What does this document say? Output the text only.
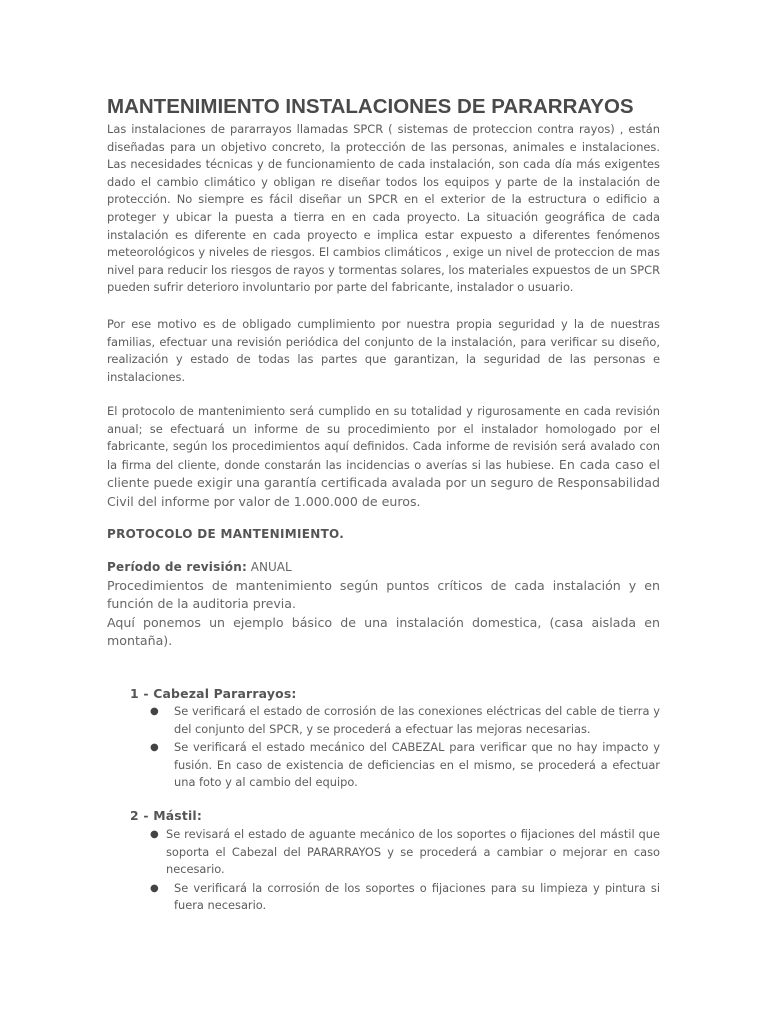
MANTENIMIENTO INSTALACIONES DE PARARRAYOS

Las instalaciones de pararrayos llamadas SPCR ( sistemas de proteccion contra rayos) , están diseñadas para un objetivo concreto, la protección de las personas, animales e instalaciones. Las necesidades técnicas y de funcionamiento de cada instalación, son cada día más exigentes dado el cambio climático y obligan re diseñar todos los equipos y parte de la instalación de protección. No siempre es fácil diseñar un SPCR en el exterior de la estructura o edificio a proteger y ubicar la puesta a tierra en en cada proyecto. La situación geográfica de cada instalación es diferente en cada proyecto e implica estar expuesto a diferentes fenómenos meteorológicos y niveles de riesgos. El cambios climáticos , exige un nivel de proteccion de mas nivel para reducir los riesgos de rayos y tormentas solares, los materiales expuestos de un SPCR pueden sufrir deterioro involuntario por parte del fabricante, instalador o usuario.

Por ese motivo es de obligado cumplimiento por nuestra propia seguridad y la de nuestras familias, efectuar una revisión periódica del conjunto de la instalación, para verificar su diseño, realización y estado de todas las partes que garantizan, la seguridad de las personas e instalaciones.

El protocolo de mantenimiento será cumplido en su totalidad y rigurosamente en cada revisión anual; se efectuará un informe de su procedimiento por el instalador homologado por el fabricante, según los procedimientos aquí definidos. Cada informe de revisión será avalado con la firma del cliente, donde constarán las incidencias o averías si las hubiese. En cada caso el cliente puede exigir una garantía certificada avalada por un seguro de Responsabilidad Civil del informe por valor de 1.000.000 de euros.

PROTOCOLO DE MANTENIMIENTO.

Período de revisión: ANUAL

Procedimientos de mantenimiento según puntos críticos de cada instalación y en función de la auditoria previa.

Aquí ponemos un ejemplo básico de una instalación domestica, (casa aislada en montaña).

1 - Cabezal Pararrayos:

● Se verificará el estado de corrosión de las conexiones eléctricas del cable de tierra y del conjunto del SPCR, y se procederá a efectuar las mejoras necesarias.
● Se verificará el estado mecánico del CABEZAL para verificar que no hay impacto y fusión. En caso de existencia de deficiencias en el mismo, se procederá a efectuar una foto y al cambio del equipo.

2 - Mástil:

● Se revisará el estado de aguante mecánico de los soportes o fijaciones del mástil que soporta el Cabezal del PARARRAYOS y se procederá a cambiar o mejorar en caso necesario.
● Se verificará la corrosión de los soportes o fijaciones para su limpieza y pintura si fuera necesario.
